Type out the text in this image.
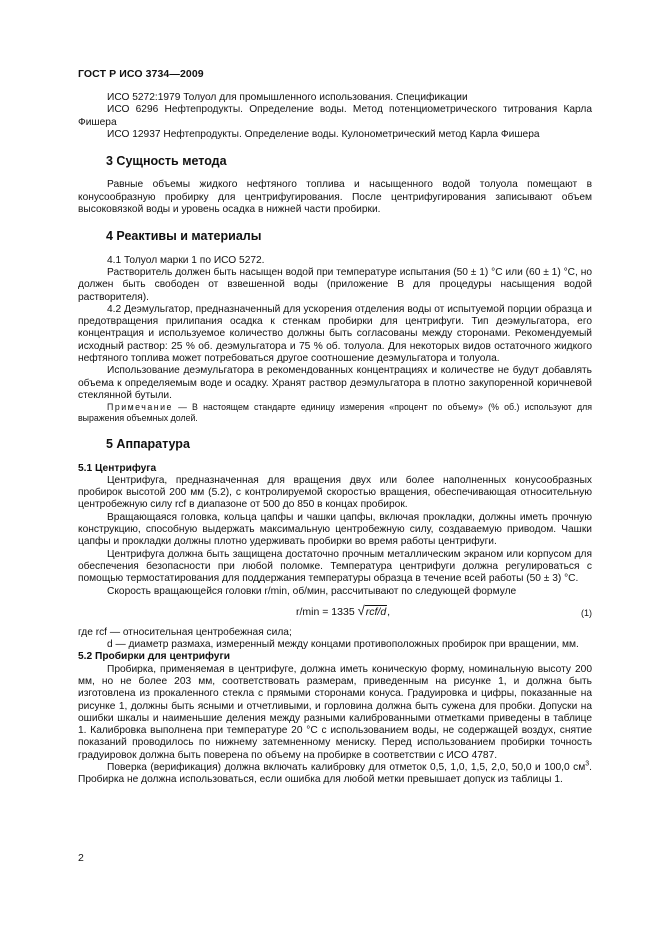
ГОСТ Р ИСО 3734—2009

ИСО 5272:1979 Толуол для промышленного использования. Спецификации

ИСО 6296 Нефтепродукты. Определение воды. Метод потенциометрического титрования Карла Фишера

ИСО 12937 Нефтепродукты. Определение воды. Кулонометрический метод Карла Фишера

3 Сущность метода

Равные объемы жидкого нефтяного топлива и насыщенного водой толуола помещают в конусообразную пробирку для центрифугирования. После центрифугирования записывают объем высоковязкой воды и уровень осадка в нижней части пробирки.

4 Реактивы и материалы

4.1 Толуол марки 1 по ИСО 5272.

Растворитель должен быть насыщен водой при температуре испытания (50 ± 1) °С или (60 ± 1) °С, но должен быть свободен от взвешенной воды (приложение В для процедуры насыщения водой растворителя).

4.2 Деэмульгатор, предназначенный для ускорения отделения воды от испытуемой порции образца и предотвращения прилипания осадка к стенкам пробирки для центрифуги. Тип деэмульгатора, его концентрация и используемое количество должны быть согласованы между сторонами. Рекомендуемый исходный раствор: 25 % об. деэмульгатора и 75 % об. толуола. Для некоторых видов остаточного жидкого нефтяного топлива может потребоваться другое соотношение деэмульгатора и толуола.

Использование деэмульгатора в рекомендованных концентрациях и количестве не будут добавлять объема к определяемым воде и осадку. Хранят раствор деэмульгатора в плотно закупоренной коричневой стеклянной бутыли.

Примечание — В настоящем стандарте единицу измерения «процент по объему» (% об.) используют для выражения объемных долей.

5 Аппаратура

5.1 Центрифуга

Центрифуга, предназначенная для вращения двух или более наполненных конусообразных пробирок высотой 200 мм (5.2), с контролируемой скоростью вращения, обеспечивающая относительную центробежную силу rcf в диапазоне от 500 до 850 в концах пробирок.

Вращающаяся головка, кольца цапфы и чашки цапфы, включая прокладки, должны иметь прочную конструкцию, способную выдержать максимальную центробежную силу, создаваемую приводом. Чашки цапфы и прокладки должны плотно удерживать пробирки во время работы центрифуги.

Центрифуга должна быть защищена достаточно прочным металлическим экраном или корпусом для обеспечения безопасности при любой поломке. Температура центрифуги должна регулироваться с помощью термостатирования для поддержания температуры образца в течение всей работы (50 ± 3) °С.

Скорость вращающейся головки r/min, об/мин, рассчитывают по следующей формуле

r/min = 1335 √rcf/d,	(1)

где rcf — относительная центробежная сила;

d — диаметр размаха, измеренный между концами противоположных пробирок при вращении, мм.

5.2 Пробирки для центрифуги

Пробирка, применяемая в центрифуге, должна иметь коническую форму, номинальную высоту 200 мм, но не более 203 мм, соответствовать размерам, приведенным на рисунке 1, и должна быть изготовлена из прокаленного стекла с прямыми сторонами конуса. Градуировка и цифры, показанные на рисунке 1, должны быть ясными и отчетливыми, и горловина должна быть сужена для пробки. Допуски на ошибки шкалы и наименьшие деления между разными калиброванными отметками приведены в таблице 1. Калибровка выполнена при температуре 20 °С с использованием воды, не содержащей воздух, снятие показаний проводилось по нижнему затемненному мениску. Перед использованием пробирки точность градуировок должна быть поверена по объему на пробирке в соответствии с ИСО 4787.

Поверка (верификация) должна включать калибровку для отметок 0,5, 1,0, 1,5, 2,0, 50,0 и 100,0 $см^3$. Пробирка не должна использоваться, если ошибка для любой метки превышает допуск из таблицы 1.

2
